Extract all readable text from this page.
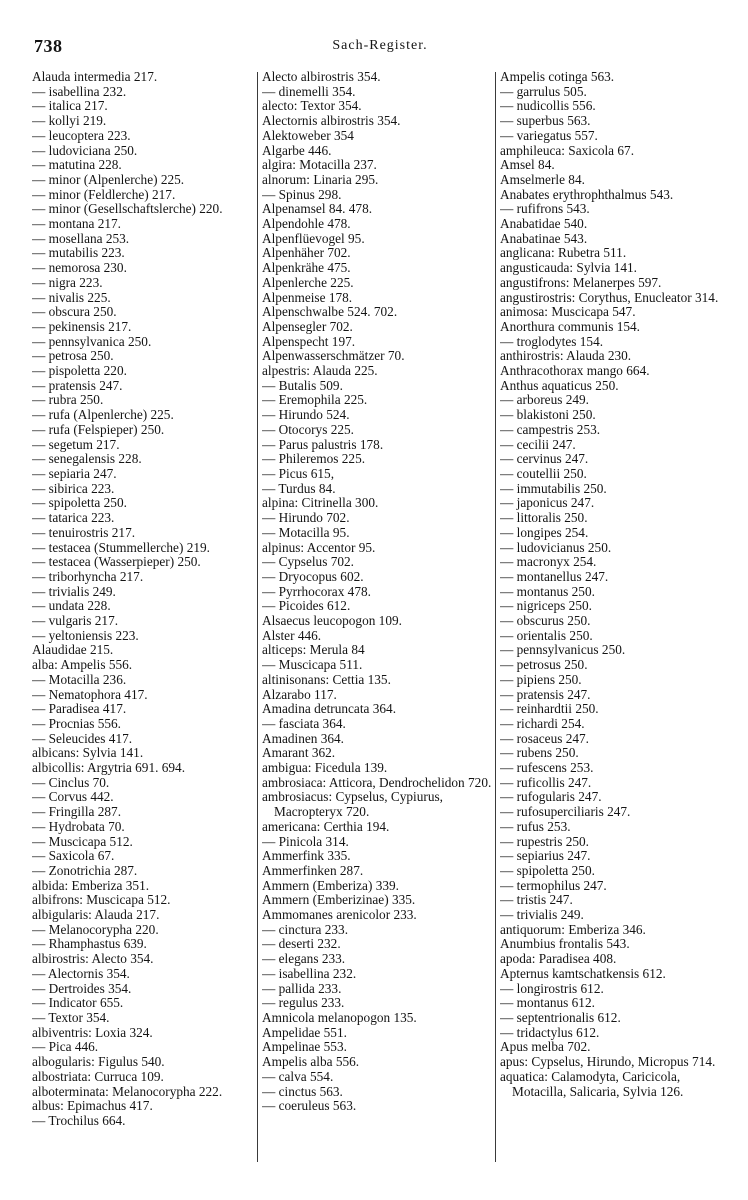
738	Sach-Register.

Alauda intermedia 217.

— isabellina 232.

— italica 217.

— kollyi 219.

— leucoptera 223.

— ludoviciana 250.

— matutina 228.

— minor (Alpenlerche) 225.

— minor (Feldlerche) 217.

— minor (Gesellschaftslerche) 220.

— montana 217.

— mosellana 253.

— mutabilis 223.

— nemorosa 230.

— nigra 223.

— nivalis 225.

— obscura 250.

— pekinensis 217.

— pennsylvanica 250.

— petrosa 250.

— pispoletta 220.

— pratensis 247.

— rubra 250.

— rufa (Alpenlerche) 225.

— rufa (Felspieper) 250.

— segetum 217.

— senegalensis 228.

— sepiaria 247.

— sibirica 223.

— spipoletta 250.

— tatarica 223.

— tenuirostris 217.

— testacea (Stummellerche) 219.

— testacea (Wasserpieper) 250.

— triborhyncha 217.

— trivialis 249.

— undata 228.

— vulgaris 217.

— yeltoniensis 223.

Alaudidae 215.

alba: Ampelis 556.

— Motacilla 236.

— Nematophora 417.

— Paradisea 417.

— Procnias 556.

— Seleucides 417.

albicans: Sylvia 141.

albicollis: Argytria 691. 694.

— Cinclus 70.

— Corvus 442.

— Fringilla 287.

— Hydrobata 70.

— Muscicapa 512.

— Saxicola 67.

— Zonotrichia 287.

albida: Emberiza 351.

albifrons: Muscicapa 512.

albigularis: Alauda 217.

— Melanocorypha 220.

— Rhamphastus 639.

albirostris: Alecto 354.

— Alectornis 354.

— Dertroides 354.

— Indicator 655.

— Textor 354.

albiventris: Loxia 324.

— Pica 446.

albogularis: Figulus 540.

albostriata: Curruca 109.

alboterminata: Melanocorypha 222.

albus: Epimachus 417.

— Trochilus 664.

Alecto albirostris 354.

— dinemelli 354.

alecto: Textor 354.

Alectornis albirostris 354.

Alektoweber 354

Algarbe 446.

algira: Motacilla 237.

alnorum: Linaria 295.

— Spinus 298.

Alpenamsel 84. 478.

Alpendohle 478.

Alpenflüevogel 95.

Alpenhäher 702.

Alpenkrähe 475.

Alpenlerche 225.

Alpenmeise 178.

Alpenschwalbe 524. 702.

Alpensegler 702.

Alpenspecht 197.

Alpenwasserschmätzer 70.

alpestris: Alauda 225.

— Butalis 509.

— Eremophila 225.

— Hirundo 524.

— Otocorys 225.

— Parus palustris 178.

— Phileremos 225.

— Picus 615,

— Turdus 84.

alpina: Citrinella 300.

— Hirundo 702.

— Motacilla 95.

alpinus: Accentor 95.

— Cypselus 702.

— Dryocopus 602.

— Pyrrhocorax 478.

— Picoides 612.

Alsaecus leucopogon 109.

Alster 446.

alticeps: Merula 84

— Muscicapa 511.

altinisonans: Cettia 135.

Alzarabo 117.

Amadina detruncata 364.

— fasciata 364.

Amadinen 364.

Amarant 362.

ambigua: Ficedula 139.

ambrosiaca: Atticora, Dendrochelidon 720.

ambrosiacus: Cypselus, Cypiurus, Macropteryx 720.

americana: Certhia 194.

— Pinicola 314.

Ammerfink 335.

Ammerfinken 287.

Ammern (Emberiza) 339.

Ammern (Emberizinae) 335.

Ammomanes arenicolor 233.

— cinctura 233.

— deserti 232.

— elegans 233.

— isabellina 232.

— pallida 233.

— regulus 233.

Amnicola melanopogon 135.

Ampelidae 551.

Ampelinae 553.

Ampelis alba 556.

— calva 554.

— cinctus 563.

— coeruleus 563.

Ampelis cotinga 563.

— garrulus 505.

— nudicollis 556.

— superbus 563.

— variegatus 557.

amphileuca: Saxicola 67.

Amsel 84.

Amselmerle 84.

Anabates erythrophthalmus 543.

— rufifrons 543.

Anabatidae 540.

Anabatinae 543.

anglicana: Rubetra 511.

angusticauda: Sylvia 141.

angustifrons: Melanerpes 597.

angustirostris: Corythus, Enucleator 314.

animosa: Muscicapa 547.

Anorthura communis 154.

— troglodytes 154.

anthirostris: Alauda 230.

Anthracothorax mango 664.

Anthus aquaticus 250.

— arboreus 249.

— blakistoni 250.

— campestris 253.

— cecilii 247.

— cervinus 247.

— coutellii 250.

— immutabilis 250.

— japonicus 247.

— littoralis 250.

— longipes 254.

— ludovicianus 250.

— macronyx 254.

— montanellus 247.

— montanus 250.

— nigriceps 250.

— obscurus 250.

— orientalis 250.

— pennsylvanicus 250.

— petrosus 250.

— pipiens 250.

— pratensis 247.

— reinhardtii 250.

— richardi 254.

— rosaceus 247.

— rubens 250.

— rufescens 253.

— ruficollis 247.

— rufogularis 247.

— rufosuperciliaris 247.

— rufus 253.

— rupestris 250.

— sepiarius 247.

— spipoletta 250.

— termophilus 247.

— tristis 247.

— trivialis 249.

antiquorum: Emberiza 346.

Anumbius frontalis 543.

apoda: Paradisea 408.

Apternus kamtschatkensis 612.

— longirostris 612.

— montanus 612.

— septentrionalis 612.

— tridactylus 612.

Apus melba 702.

apus: Cypselus, Hirundo, Micropus 714.

aquatica: Calamodyta, Caricicola, Motacilla, Salicaria, Sylvia 126.
